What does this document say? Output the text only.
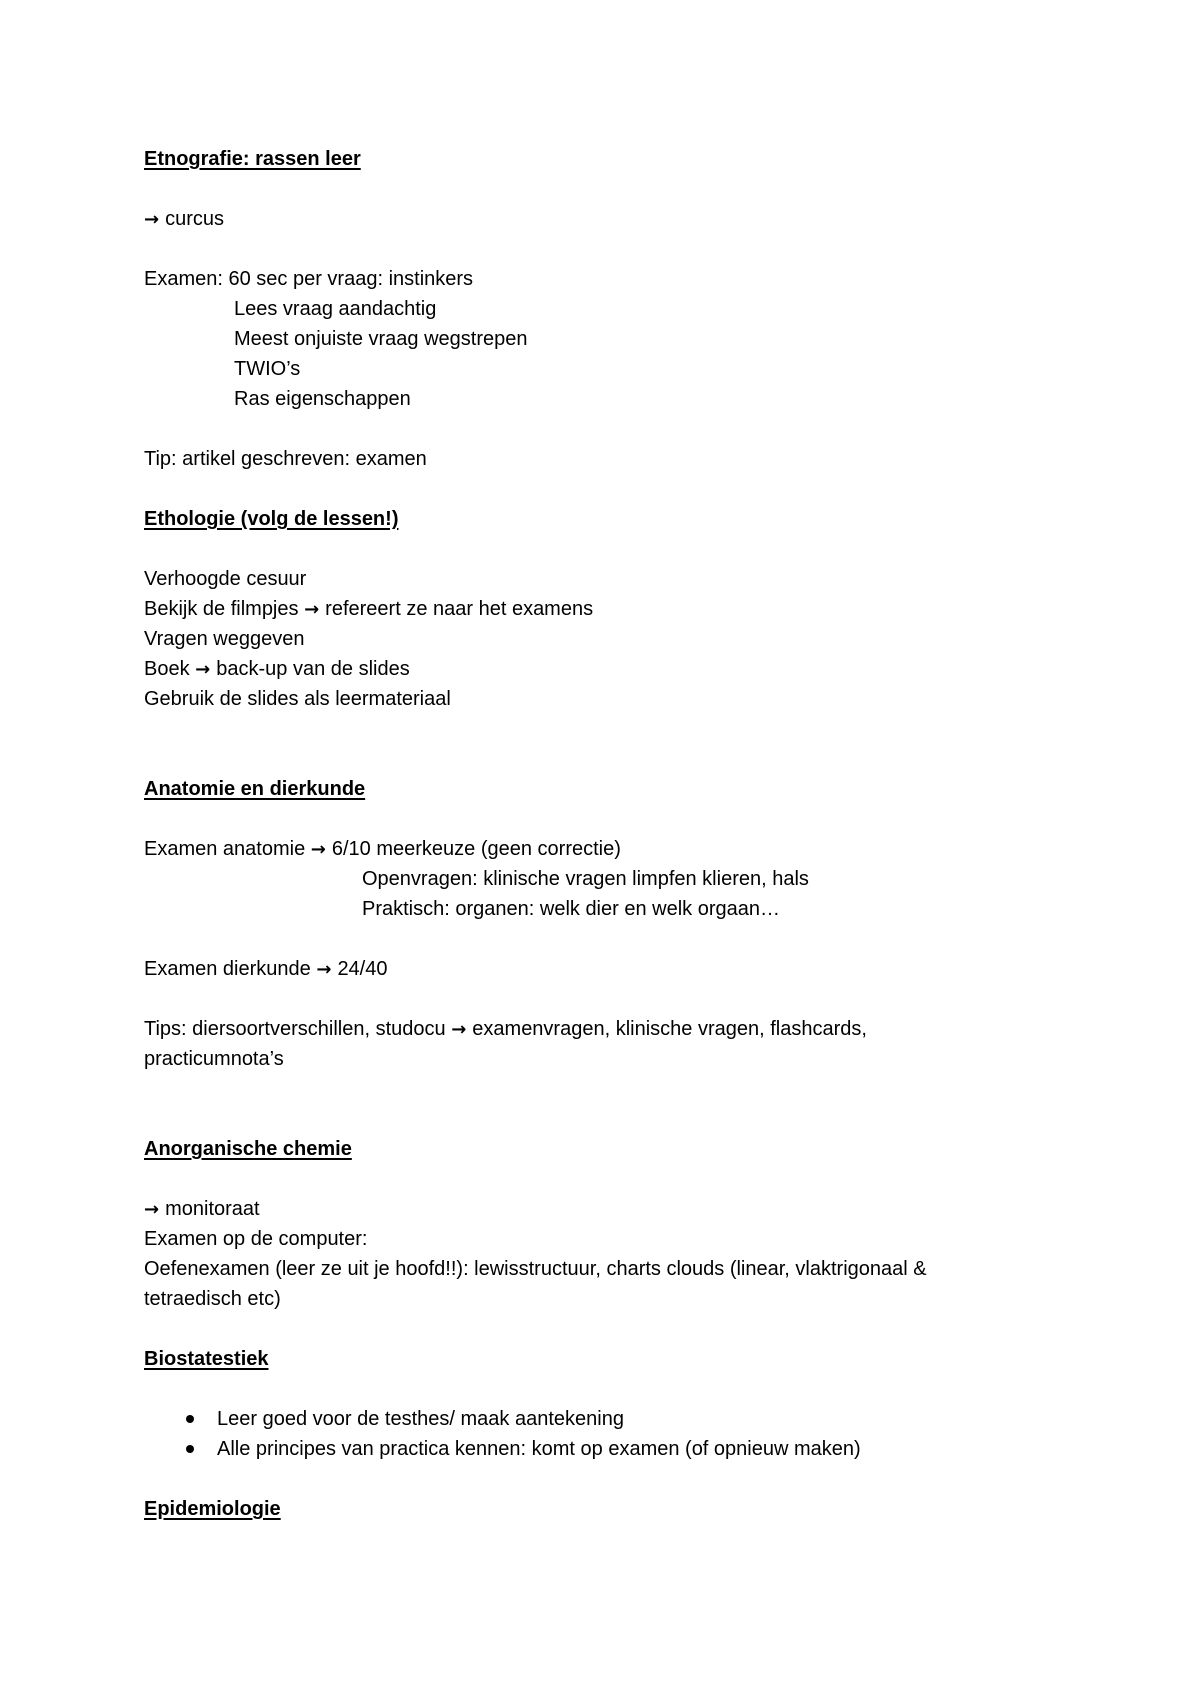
Etnografie: rassen leer
→ curcus
Examen: 60 sec per vraag: instinkers
Lees vraag aandachtig
Meest onjuiste vraag wegstrepen
TWIO’s
Ras eigenschappen
Tip: artikel geschreven: examen
Ethologie (volg de lessen!)
Verhoogde cesuur
Bekijk de filmpjes → refereert ze naar het examens
Vragen weggeven
Boek → back-up van de slides
Gebruik de slides als leermateriaal
Anatomie en dierkunde
Examen anatomie → 6/10 meerkeuze (geen correctie)
Openvragen: klinische vragen limpfen klieren, hals
Praktisch: organen: welk dier en welk orgaan…
Examen dierkunde → 24/40
Tips: diersoortverschillen, studocu → examenvragen, klinische vragen, flashcards,
practicumnota’s
Anorganische chemie
→ monitoraat
Examen op de computer:
Oefenexamen (leer ze uit je hoofd!!): lewisstructuur, charts clouds (linear, vlaktrigonaal &
tetraedisch etc)
Biostatestiek
Leer goed voor de testhes/ maak aantekening
Alle principes van practica kennen: komt op examen (of opnieuw maken)
Epidemiologie
